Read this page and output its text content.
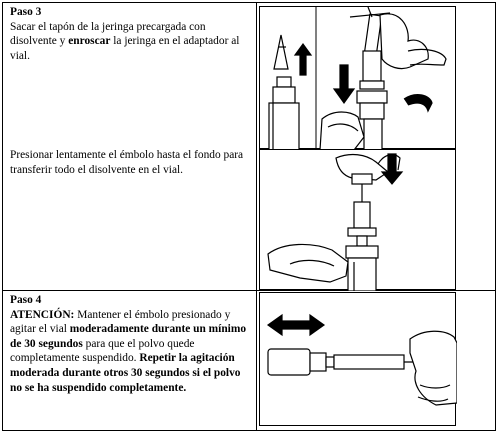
Paso 3
Sacar el tapón de la jeringa precargada con disolvente y enroscar la jeringa en el adaptador al vial.
Presionar lentamente el émbolo hasta el fondo para transferir todo el disolvente en el vial.
Paso 4
ATENCIÓN: Mantener el émbolo presionado y agitar el vial moderadamente durante un mínimo de 30 segundos para que el polvo quede completamente suspendido. Repetir la agitación moderada durante otros 30 segundos si el polvo no se ha suspendido completamente.
